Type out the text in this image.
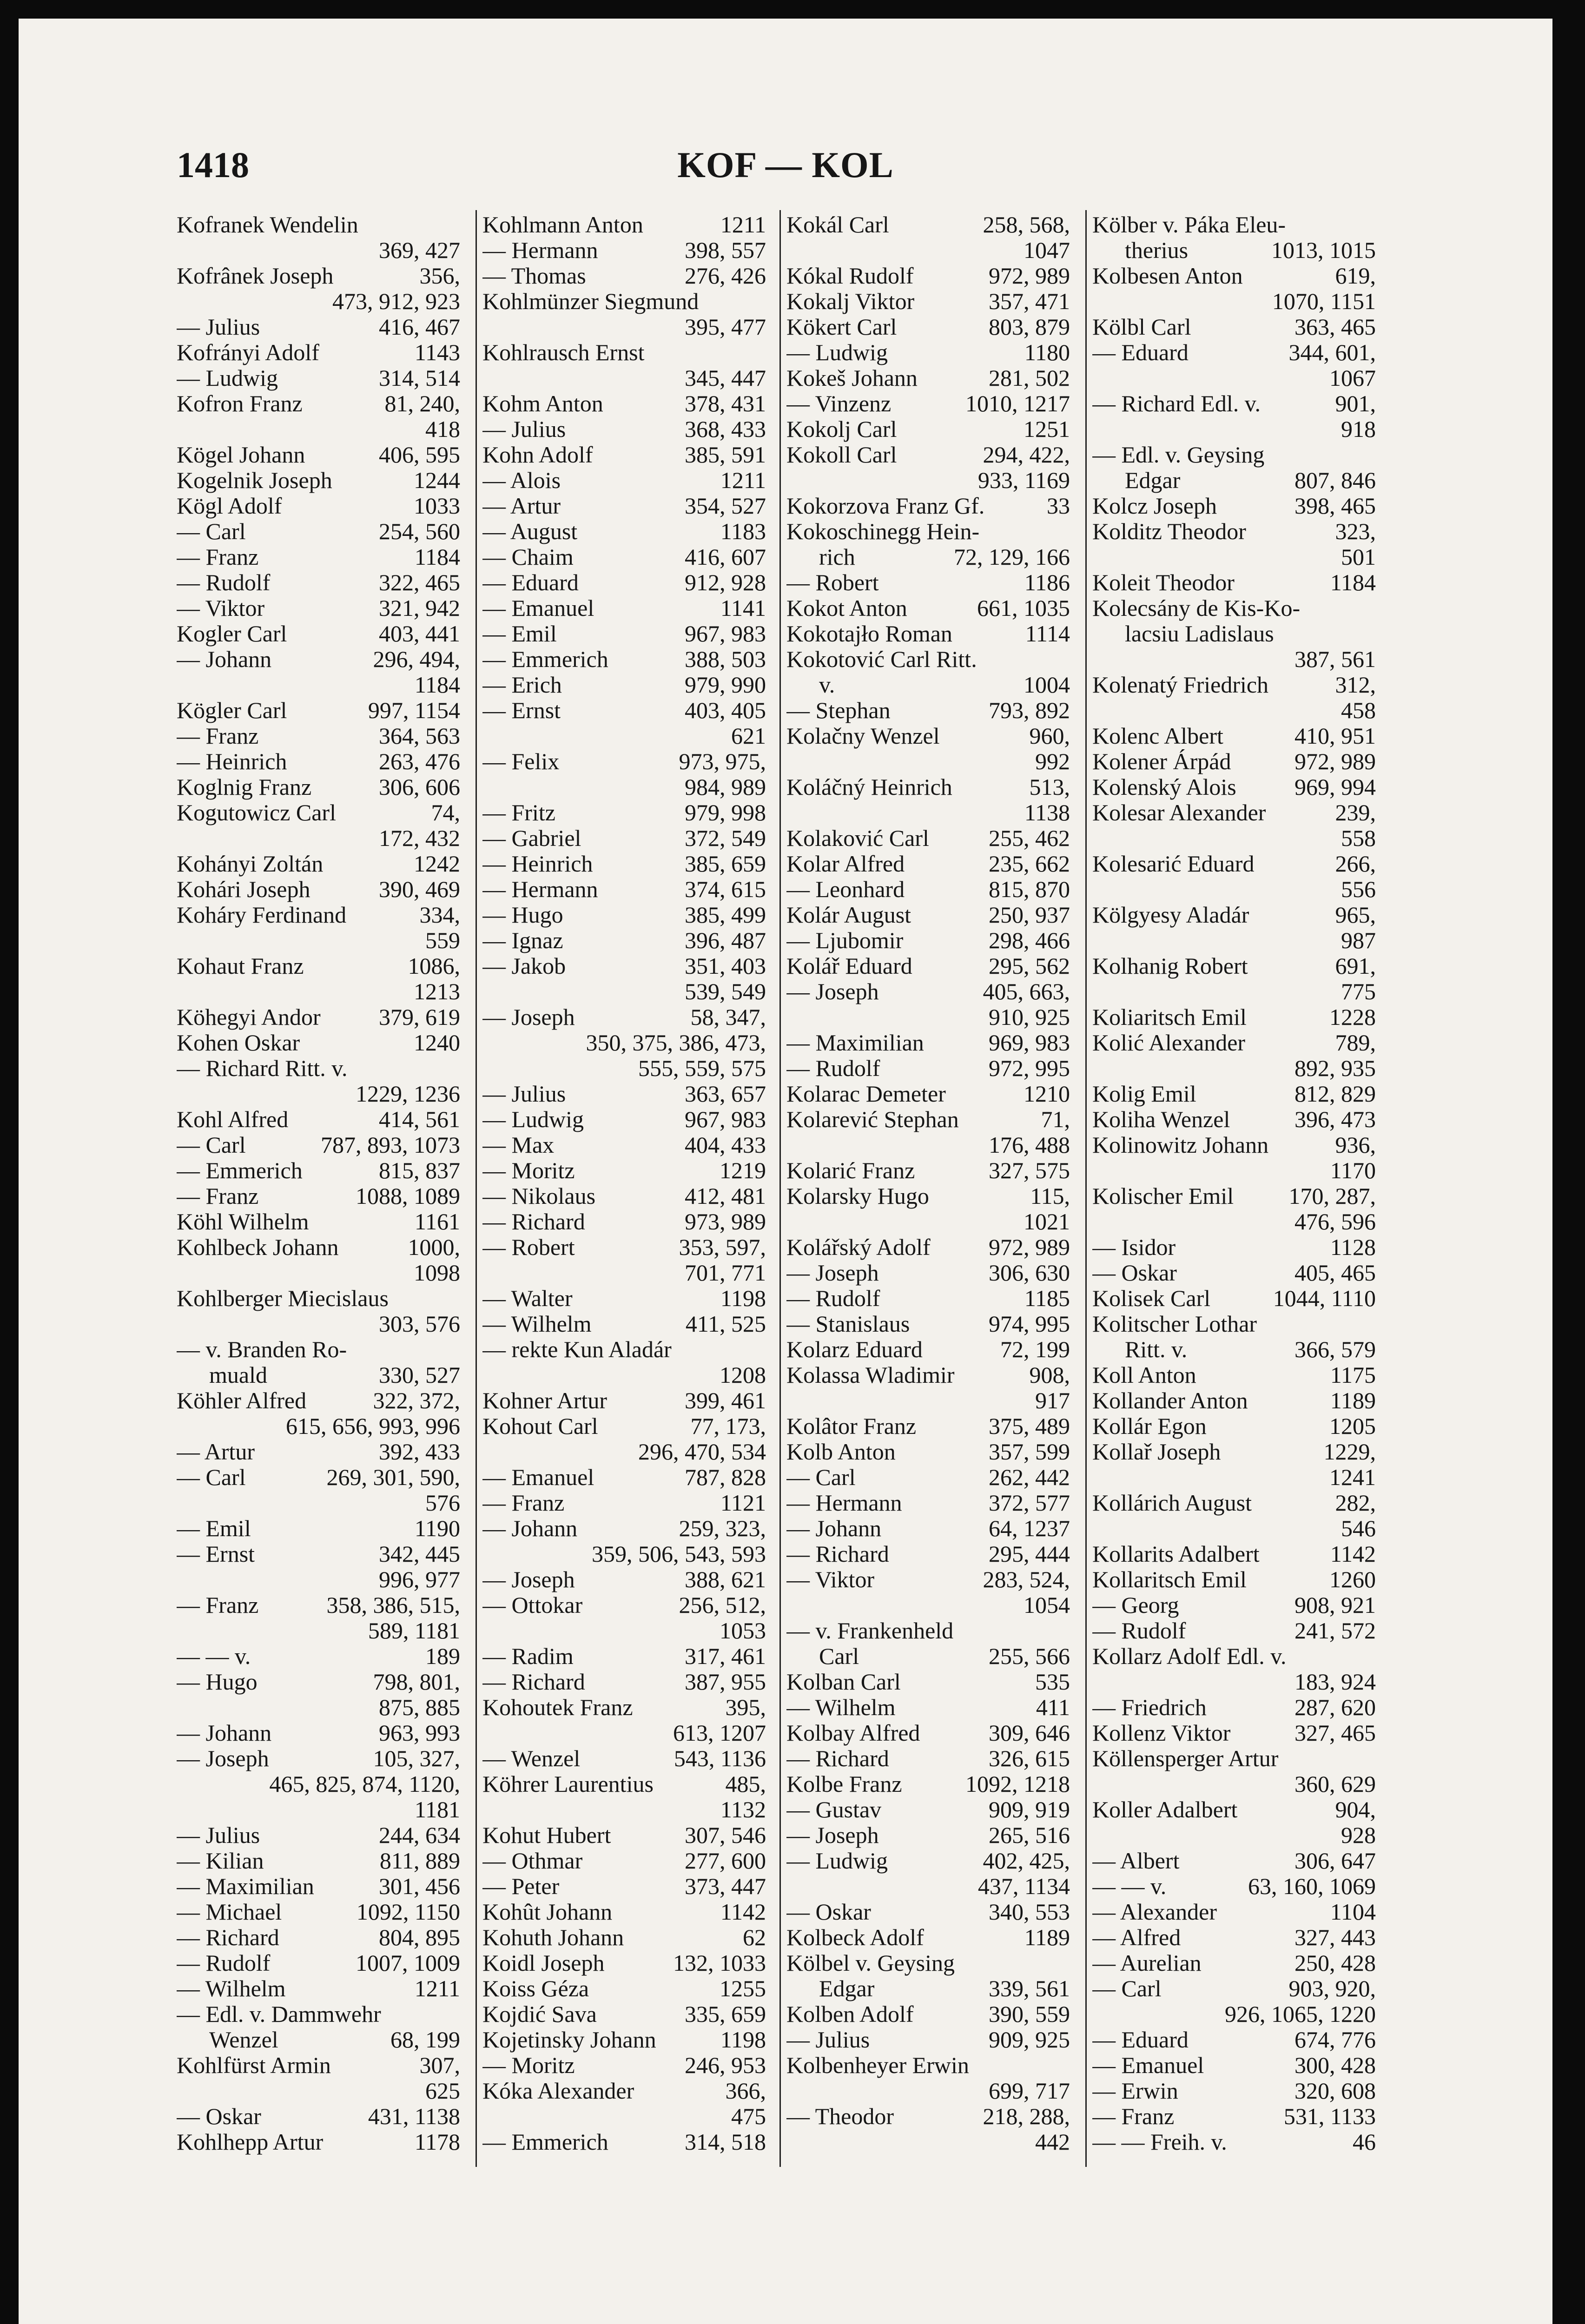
1418	KOF — KOL
Kofranek Wendelin
369, 427
Kofrânek Joseph	356,
473, 912, 923
— Julius	416, 467
Kofrányi Adolf	1143
— Ludwig	314, 514
Kofron Franz	81, 240,
418
Kögel Johann	406, 595
Kogelnik Joseph	1244
Kögl Adolf	1033
— Carl	254, 560
— Franz	1184
— Rudolf	322, 465
— Viktor	321, 942
Kogler Carl	403, 441
— Johann	296, 494,
1184
Kögler Carl	997, 1154
— Franz	364, 563
— Heinrich	263, 476
Koglnig Franz	306, 606
Kogutowicz Carl	74,
172, 432
Kohányi Zoltán	1242
Kohári Joseph	390, 469
Koháry Ferdinand	334,
559
Kohaut Franz	1086,
1213
Köhegyi Andor	379, 619
Kohen Oskar	1240
— Richard Ritt. v.
1229, 1236
Kohl Alfred	414, 561
— Carl	787, 893, 1073
— Emmerich	815, 837
— Franz	1088, 1089
Köhl Wilhelm	1161
Kohlbeck Johann	1000,
1098
Kohlberger Miecislaus
303, 576
— v. Branden Ro-
muald	330, 527
Köhler Alfred	322, 372,
615, 656, 993, 996
— Artur	392, 433
— Carl	269, 301, 590,
576
— Emil	1190
— Ernst	342, 445
996, 977
— Franz	358, 386, 515,
589, 1181
— — v.	189
— Hugo	798, 801,
875, 885
— Johann	963, 993
— Joseph	105, 327,
465, 825, 874, 1120,
1181
— Julius	244, 634
— Kilian	811, 889
— Maximilian	301, 456
— Michael	1092, 1150
— Richard	804, 895
— Rudolf	1007, 1009
— Wilhelm	1211
— Edl. v. Dammwehr
Wenzel	68, 199
Kohlfürst Armin	307,
625
— Oskar	431, 1138
Kohlhepp Artur	1178
Kohlmann Anton	1211
— Hermann	398, 557
— Thomas	276, 426
Kohlmünzer Siegmund
395, 477
Kohlrausch Ernst
345, 447
Kohm Anton	378, 431
— Julius	368, 433
Kohn Adolf	385, 591
— Alois	1211
— Artur	354, 527
— August	1183
— Chaim	416, 607
— Eduard	912, 928
— Emanuel	1141
— Emil	967, 983
— Emmerich	388, 503
— Erich	979, 990
— Ernst	403, 405
621
— Felix	973, 975,
984, 989
— Fritz	979, 998
— Gabriel	372, 549
— Heinrich	385, 659
— Hermann	374, 615
— Hugo	385, 499
— Ignaz	396, 487
— Jakob	351, 403
539, 549
— Joseph	58, 347,
350, 375, 386, 473,
555, 559, 575
— Julius	363, 657
— Ludwig	967, 983
— Max	404, 433
— Moritz	1219
— Nikolaus	412, 481
— Richard	973, 989
— Robert	353, 597,
701, 771
— Walter	1198
— Wilhelm	411, 525
— rekte Kun Aladár
1208
Kohner Artur	399, 461
Kohout Carl	77, 173,
296, 470, 534
— Emanuel	787, 828
— Franz	1121
— Johann	259, 323,
359, 506, 543, 593
— Joseph	388, 621
— Ottokar	256, 512,
1053
— Radim	317, 461
— Richard	387, 955
Kohoutek Franz	395,
613, 1207
— Wenzel	543, 1136
Köhrer Laurentius	485,
1132
Kohut Hubert	307, 546
— Othmar	277, 600
— Peter	373, 447
Kohût Johann	1142
Kohuth Johann	62
Koidl Joseph	132, 1033
Koiss Géza	1255
Kojdić Sava	335, 659
Kojetinsky Johann	1198
— Moritz	246, 953
Kóka Alexander	366,
475
— Emmerich	314, 518
Kokál Carl	258, 568,
1047
Kókal Rudolf	972, 989
Kokalj Viktor	357, 471
Kökert Carl	803, 879
— Ludwig	1180
Kokeš Johann	281, 502
— Vinzenz	1010, 1217
Kokolj Carl	1251
Kokoll Carl	294, 422,
933, 1169
Kokorzova Franz Gf.	33
Kokoschinegg Hein-
rich	72, 129, 166
— Robert	1186
Kokot Anton	661, 1035
Kokotajło Roman	1114
Kokotović Carl Ritt.
v.	1004
— Stephan	793, 892
Kolačny Wenzel	960,
992
Koláčný Heinrich	513,
1138
Kolaković Carl	255, 462
Kolar Alfred	235, 662
— Leonhard	815, 870
Kolár August	250, 937
— Ljubomir	298, 466
Kolář Eduard	295, 562
— Joseph	405, 663,
910, 925
— Maximilian	969, 983
— Rudolf	972, 995
Kolarac Demeter	1210
Kolarević Stephan	71,
176, 488
Kolarić Franz	327, 575
Kolarsky Hugo	115,
1021
Kolářský Adolf	972, 989
— Joseph	306, 630
— Rudolf	1185
— Stanislaus	974, 995
Kolarz Eduard	72, 199
Kolassa Wladimir	908,
917
Kolâtor Franz	375, 489
Kolb Anton	357, 599
— Carl	262, 442
— Hermann	372, 577
— Johann	64, 1237
— Richard	295, 444
— Viktor	283, 524,
1054
— v. Frankenheld
Carl	255, 566
Kolban Carl	535
— Wilhelm	411
Kolbay Alfred	309, 646
— Richard	326, 615
Kolbe Franz	1092, 1218
— Gustav	909, 919
— Joseph	265, 516
— Ludwig	402, 425,
437, 1134
— Oskar	340, 553
Kolbeck Adolf	1189
Kölbel v. Geysing
Edgar	339, 561
Kolben Adolf	390, 559
— Julius	909, 925
Kolbenheyer Erwin
699, 717
— Theodor	218, 288,
442
Kölber v. Páka Eleu-
therius	1013, 1015
Kolbesen Anton	619,
1070, 1151
Kölbl Carl	363, 465
— Eduard	344, 601,
1067
— Richard Edl. v.	901,
918
— Edl. v. Geysing
Edgar	807, 846
Kolcz Joseph	398, 465
Kolditz Theodor	323,
501
Koleit Theodor	1184
Kolecsány de Kis-Ko-
lacsiu Ladislaus
387, 561
Kolenatý Friedrich	312,
458
Kolenc Albert	410, 951
Kolener Árpád	972, 989
Kolenský Alois	969, 994
Kolesar Alexander	239,
558
Kolesarić Eduard	266,
556
Kölgyesy Aladár	965,
987
Kolhanig Robert	691,
775
Koliaritsch Emil	1228
Kolić Alexander	789,
892, 935
Kolig Emil	812, 829
Koliha Wenzel	396, 473
Kolinowitz Johann	936,
1170
Kolischer Emil 170, 287,
476, 596
— Isidor	1128
— Oskar	405, 465
Kolisek Carl	1044, 1110
Kolitscher Lothar
Ritt. v.	366, 579
Koll Anton	1175
Kollander Anton	1189
Kollár Egon	1205
Kollař Joseph	1229,
1241
Kollárich August	282,
546
Kollarits Adalbert	1142
Kollaritsch Emil	1260
— Georg	908, 921
— Rudolf	241, 572
Kollarz Adolf Edl. v.
183, 924
— Friedrich	287, 620
Kollenz Viktor	327, 465
Köllensperger Artur
360, 629
Koller Adalbert	904,
928
— Albert	306, 647
— — v.	63, 160, 1069
— Alexander	1104
— Alfred	327, 443
— Aurelian	250, 428
— Carl	903, 920,
926, 1065, 1220
— Eduard	674, 776
— Emanuel	300, 428
— Erwin	320, 608
— Franz	531, 1133
— — Freih. v.	46
